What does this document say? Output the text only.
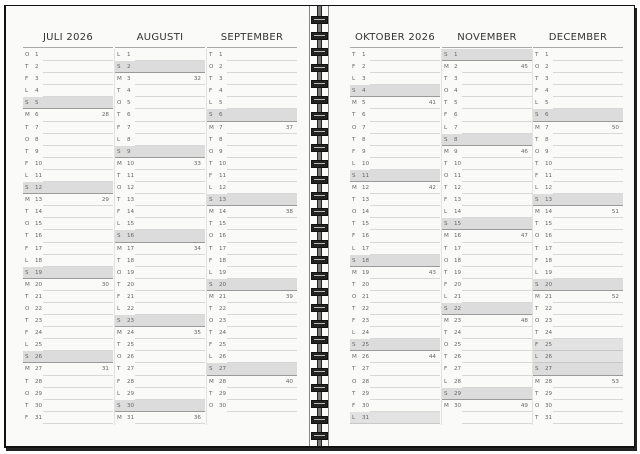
JULI 2026
O 1
T 2
F 3
L 4
S 5
M 6	28
T 7
O 8
T 9
F 10
L 11
S 12
M 13	29
T 14
O 15
T 16
F 17
L 18
S 19
M 20	30
T 21
O 22
T 23
F 24
L 25
S 26
M 27	31
T 28
O 29
T 30
F 31
AUGUSTI
L 1
S 2
M 3	32
T 4
O 5
T 6
F 7
L 8
S 9
M 10	33
T 11
O 12
T 13
F 14
L 15
S 16
M 17	34
T 18
O 19
T 20
F 21
L 22
S 23
M 24	35
T 25
O 26
T 27
F 28
L 29
S 30
M 31	36
SEPTEMBER
T 1
O 2
T 3
F 4
L 5
S 6
M 7	37
T 8
O 9
T 10
F 11
L 12
S 13
M 14	38
T 15
O 16
T 17
F 18
L 19
S 20
M 21	39
T 22
O 23
T 24
F 25
L 26
S 27
M 28	40
T 29
O 30
OKTOBER 2026
T 1
F 2
L 3
S 4
M 5	41
T 6
O 7
T 8
F 9
L 10
S 11
M 12	42
T 13
O 14
T 15
F 16
L 17
S 18
M 19	43
T 20
O 21
T 22
F 23
L 24
S 25
M 26	44
T 27
O 28
T 29
F 30
L 31
NOVEMBER
S 1
M 2	45
T 3
O 4
T 5
F 6
L 7
S 8
M 9	46
T 10
O 11
T 12
F 13
L 14
S 15
M 16	47
T 17
O 18
T 19
F 20
L 21
S 22
M 23	48
T 24
O 25
T 26
F 27
L 28
S 29
M 30	49
DECEMBER
T 1
O 2
T 3
F 4
L 5
S 6
M 7	50
T 8
O 9
T 10
F 11
L 12
S 13
M 14	51
T 15
O 16
T 17
F 18
L 19
S 20
M 21	52
T 22
O 23
T 24
F 25
L 26
S 27
M 28	53
T 29
O 30
T 31
